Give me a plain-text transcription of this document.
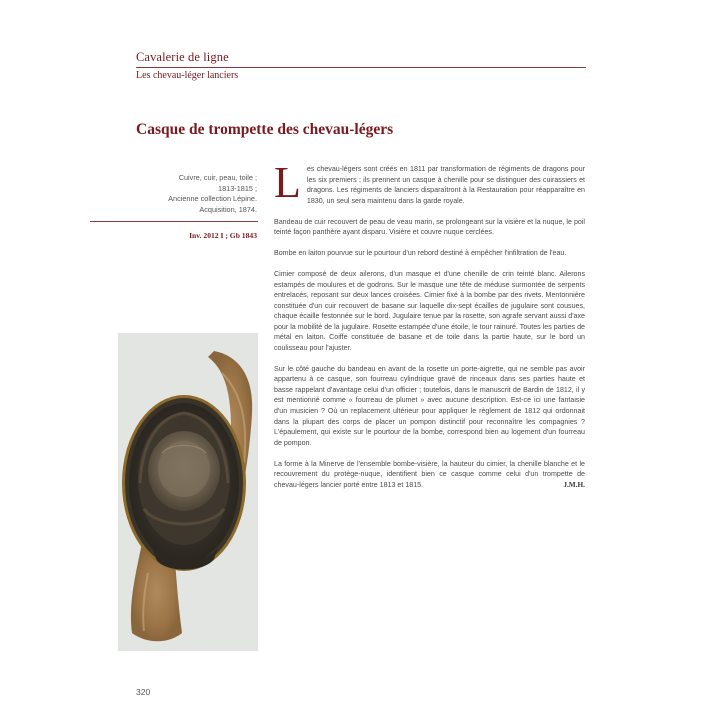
Cavalerie de ligne
Les chevau-léger lanciers
Casque de trompette des chevau-légers
Cuivre, cuir, peau, toile ;
1813-1815 ;
Ancienne collection Lépine.
Acquisition, 1874.
Inv. 2012 I ; Gb 1843

Les chevau-légers sont créés en 1811 par transformation de régiments de dragons pour les six premiers ; ils prennent un casque à chenille pour se distinguer des cuirassiers et dragons. Les régiments de lanciers disparaîtront à la Restauration pour réapparaître en 1830, un seul sera maintenu dans la garde royale.

Bandeau de cuir recouvert de peau de veau marin, se prolongeant sur la visière et la nuque, le poil teinté façon panthère ayant disparu. Visière et couvre nuque cerclées.

Bombe en laiton pourvue sur le pourtour d'un rebord destiné à empêcher l'infiltration de l'eau.

Cimier composé de deux ailerons, d'un masque et d'une chenille de crin teinté blanc. Ailerons estampés de moulures et de godrons. Sur le masque une tête de méduse surmontée de serpents entrelacés, reposant sur deux lances croisées. Cimier fixé à la bombe par des rivets. Mentonnière constituée d'un cuir recouvert de basane sur laquelle dix-sept écailles de jugulaire sont cousues, chaque écaille festonnée sur le bord. Jugulaire tenue par la rosette, son agrafe servant aussi d'axe pour la mobilité de la jugulaire. Rosette estampée d'une étoile, le tour rainuré. Toutes les parties de métal en laiton. Coiffe constituée de basane et de toile dans la partie haute, sur le bord un coulisseau pour l'ajuster.

Sur le côté gauche du bandeau en avant de la rosette un porte-aigrette, qui ne semble pas avoir appartenu à ce casque, son fourreau cylindrique gravé de rinceaux dans ses parties haute et basse rappelant d'avantage celui d'un officier ; toutefois, dans le manuscrit de Bardin de 1812, il y est mentionné comme « fourreau de plumet » avec aucune description. Est-ce ici une fantaisie d'un musicien ? Où un replacement ultérieur pour appliquer le règlement de 1812 qui ordonnait dans la plupart des corps de placer un pompon distinctif pour reconnaître les compagnies ? L'épaulement, qui existe sur le pourtour de la bombe, correspond bien au logement d'un fourreau de pompon.

La forme à la Minerve de l'ensemble bombe-visière, la hauteur du cimier, la chenille blanche et le recouvrement du protège-nuque, identifient bien ce casque comme celui d'un trompette de chevau-légers lancier porté entre 1813 et 1815.	J.M.H.

320
